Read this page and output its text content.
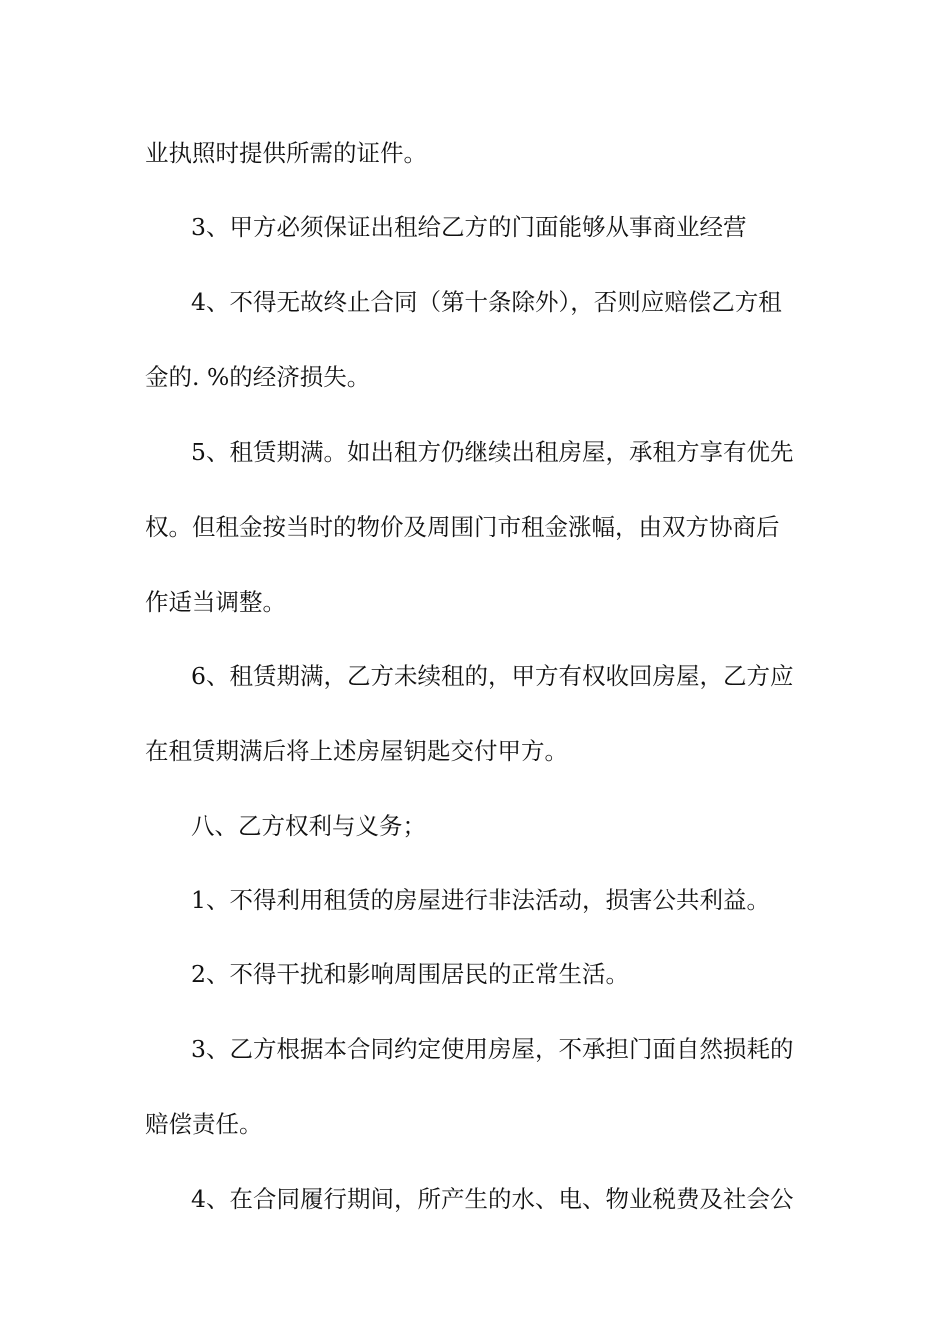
业执照时提供所需的证件。
3、甲方必须保证出租给乙方的门面能够从事商业经营
4、不得无故终止合同（第十条除外），否则应赔偿乙方租
金的. %的经济损失。
5、租赁期满。如出租方仍继续出租房屋，承租方享有优先
权。但租金按当时的物价及周围门市租金涨幅，由双方协商后
作适当调整。
6、租赁期满，乙方未续租的，甲方有权收回房屋，乙方应
在租赁期满后将上述房屋钥匙交付甲方。
八、乙方权利与义务；
1、不得利用租赁的房屋进行非法活动，损害公共利益。
2、不得干扰和影响周围居民的正常生活。
3、乙方根据本合同约定使用房屋，不承担门面自然损耗的
赔偿责任。
4、在合同履行期间，所产生的水、电、物业税费及社会公
